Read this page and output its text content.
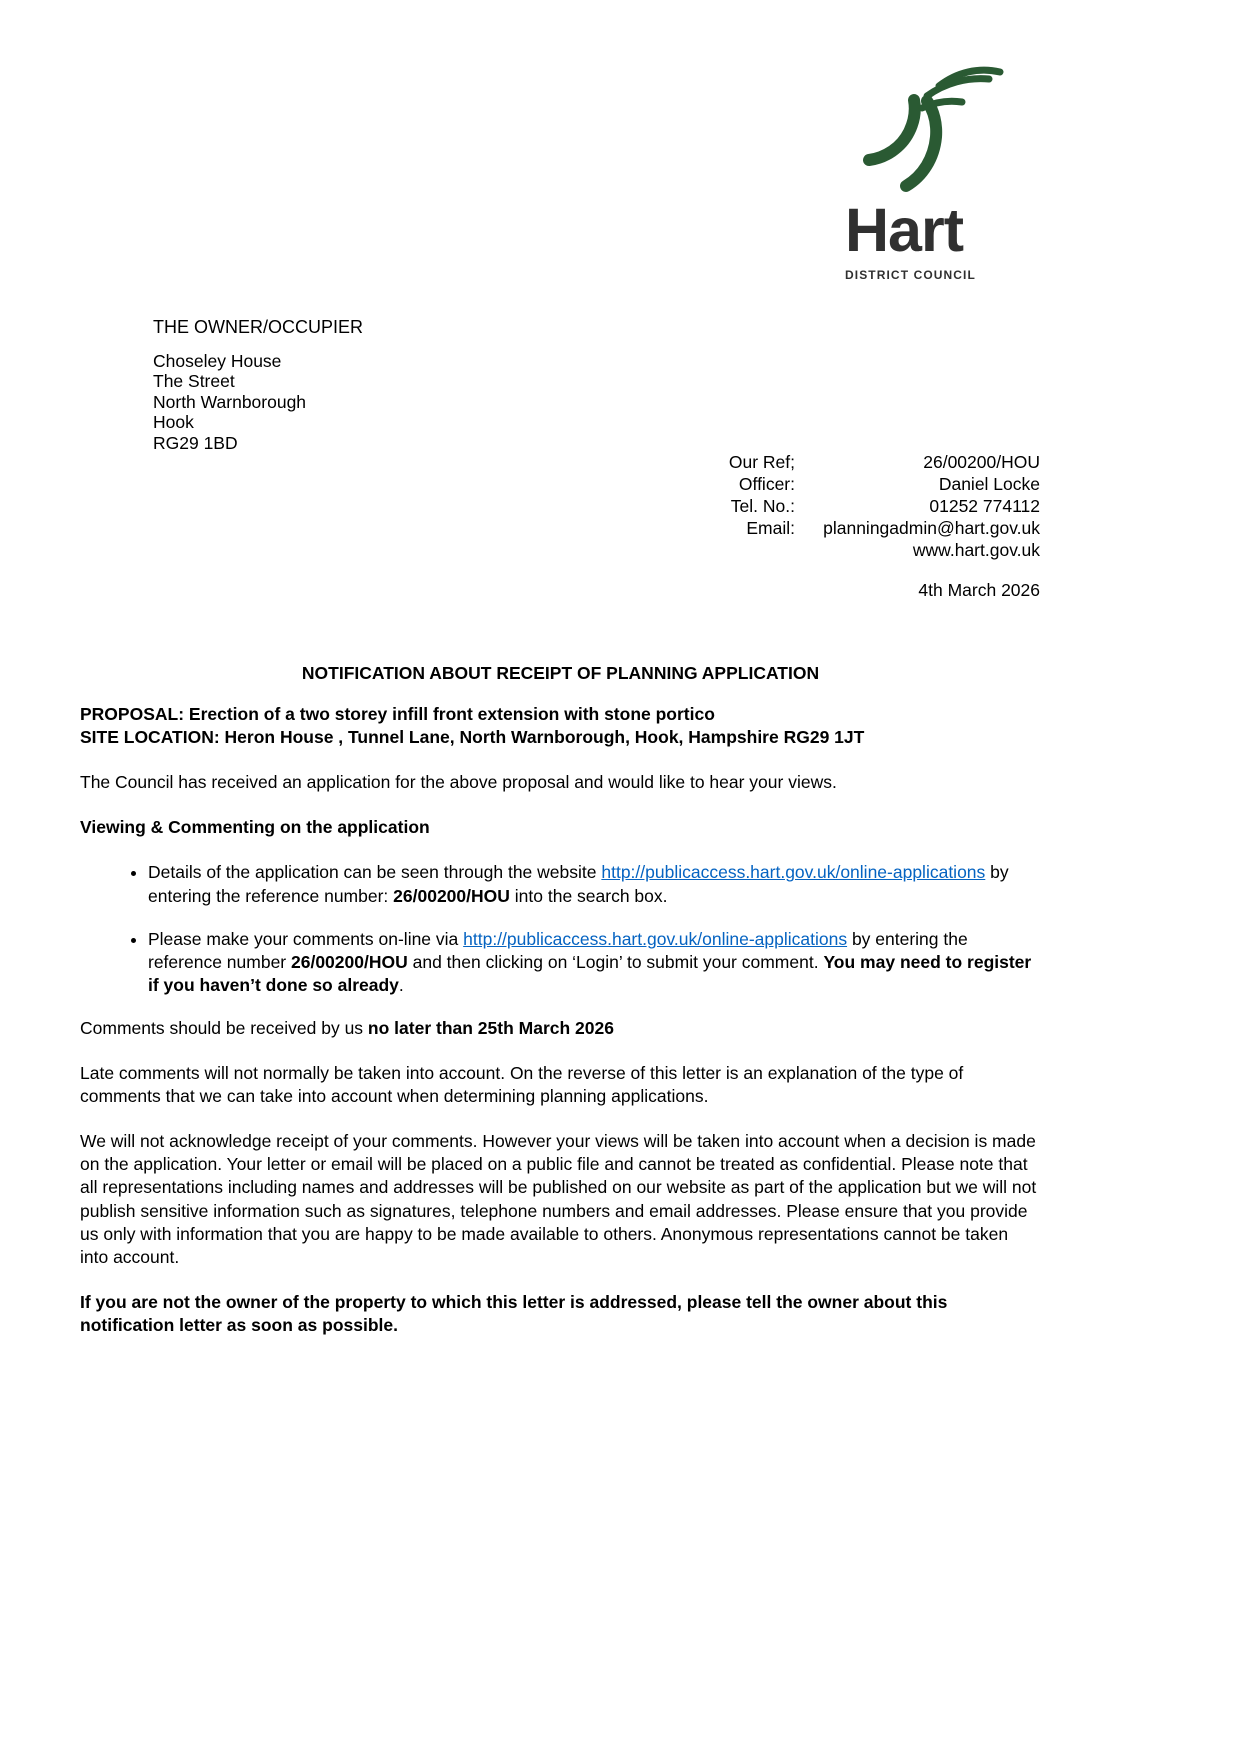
Hart
DISTRICT COUNCIL
THE OWNER/OCCUPIER
Choseley House
The Street
North Warnborough
Hook
RG29 1BD
Our Ref;	26/00200/HOU
Officer:	Daniel Locke
Tel. No.:	01252 774112
Email:	planningadmin@hart.gov.uk
www.hart.gov.uk
4th March 2026
NOTIFICATION ABOUT RECEIPT OF PLANNING APPLICATION

PROPOSAL: Erection of a two storey infill front extension with stone portico
SITE LOCATION: Heron House , Tunnel Lane, North Warnborough, Hook, Hampshire RG29 1JT

The Council has received an application for the above proposal and would like to hear your views.

Viewing & Commenting on the application

• Details of the application can be seen through the website http://publicaccess.hart.gov.uk/online-applications by entering the reference number: 26/00200/HOU into the search box.
• Please make your comments on-line via http://publicaccess.hart.gov.uk/online-applications by entering the reference number 26/00200/HOU and then clicking on ‘Login’ to submit your comment. You may need to register if you haven’t done so already.

Comments should be received by us no later than 25th March 2026

Late comments will not normally be taken into account. On the reverse of this letter is an explanation of the type of comments that we can take into account when determining planning applications.

We will not acknowledge receipt of your comments. However your views will be taken into account when a decision is made on the application. Your letter or email will be placed on a public file and cannot be treated as confidential. Please note that all representations including names and addresses will be published on our website as part of the application but we will not publish sensitive information such as signatures, telephone numbers and email addresses. Please ensure that you provide us only with information that you are happy to be made available to others. Anonymous representations cannot be taken into account.

If you are not the owner of the property to which this letter is addressed, please tell the owner about this notification letter as soon as possible.
